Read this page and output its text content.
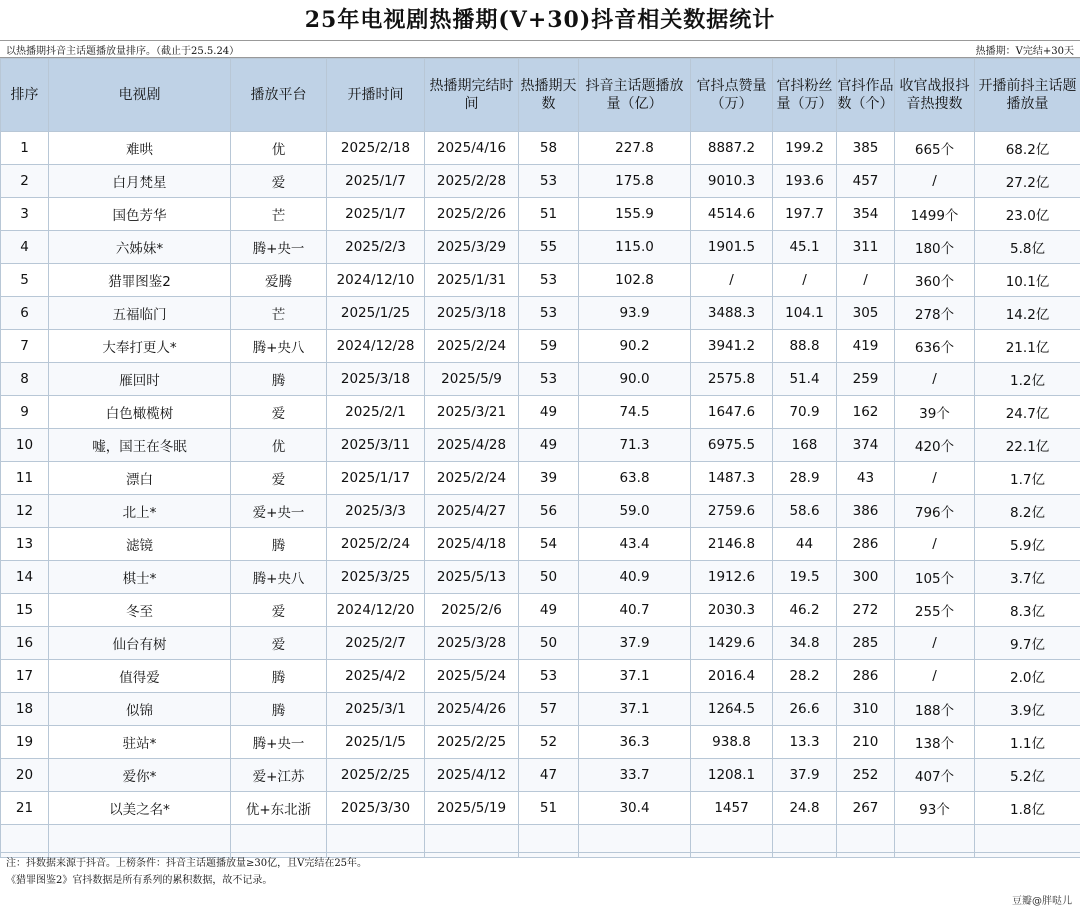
25年电视剧热播期(V+30)抖音相关数据统计
以热播期抖音主话题播放量排序。（截止于25.5.24）	热播期：V完结+30天
排序	电视剧	播放平台	开播时间	热播期完结时间	热播期天数	抖音主话题播放量（亿）	官抖点赞量（万）	官抖粉丝量（万）	官抖作品数（个）	收官战报抖音热搜数	开播前抖主话题播放量
1	难哄	优	2025/2/18	2025/4/16	58	227.8	8887.2	199.2	385	665个	68.2亿
2	白月梵星	爱	2025/1/7	2025/2/28	53	175.8	9010.3	193.6	457	/	27.2亿
3	国色芳华	芒	2025/1/7	2025/2/26	51	155.9	4514.6	197.7	354	1499个	23.0亿
4	六姊妹*	腾+央一	2025/2/3	2025/3/29	55	115.0	1901.5	45.1	311	180个	5.8亿
5	猎罪图鉴2	爱腾	2024/12/10	2025/1/31	53	102.8	/	/	/	360个	10.1亿
6	五福临门	芒	2025/1/25	2025/3/18	53	93.9	3488.3	104.1	305	278个	14.2亿
7	大奉打更人*	腾+央八	2024/12/28	2025/2/24	59	90.2	3941.2	88.8	419	636个	21.1亿
8	雁回时	腾	2025/3/18	2025/5/9	53	90.0	2575.8	51.4	259	/	1.2亿
9	白色橄榄树	爱	2025/2/1	2025/3/21	49	74.5	1647.6	70.9	162	39个	24.7亿
10	嘘，国王在冬眠	优	2025/3/11	2025/4/28	49	71.3	6975.5	168	374	420个	22.1亿
11	漂白	爱	2025/1/17	2025/2/24	39	63.8	1487.3	28.9	43	/	1.7亿
12	北上*	爱+央一	2025/3/3	2025/4/27	56	59.0	2759.6	58.6	386	796个	8.2亿
13	滤镜	腾	2025/2/24	2025/4/18	54	43.4	2146.8	44	286	/	5.9亿
14	棋士*	腾+央八	2025/3/25	2025/5/13	50	40.9	1912.6	19.5	300	105个	3.7亿
15	冬至	爱	2024/12/20	2025/2/6	49	40.7	2030.3	46.2	272	255个	8.3亿
16	仙台有树	爱	2025/2/7	2025/3/28	50	37.9	1429.6	34.8	285	/	9.7亿
17	值得爱	腾	2025/4/2	2025/5/24	53	37.1	2016.4	28.2	286	/	2.0亿
18	似锦	腾	2025/3/1	2025/4/26	57	37.1	1264.5	26.6	310	188个	3.9亿
19	驻站*	腾+央一	2025/1/5	2025/2/25	52	36.3	938.8	13.3	210	138个	1.1亿
20	爱你*	爱+江苏	2025/2/25	2025/4/12	47	33.7	1208.1	37.9	252	407个	5.2亿
21	以美之名*	优+东北浙	2025/3/30	2025/5/19	51	30.4	1457	24.8	267	93个	1.8亿

注：抖数据来源于抖音。上榜条件：抖音主话题播放量≥30亿，且V完结在25年。
《猎罪图鉴2》官抖数据是所有系列的累积数据，故不记录。
豆瓣@胖哒儿
